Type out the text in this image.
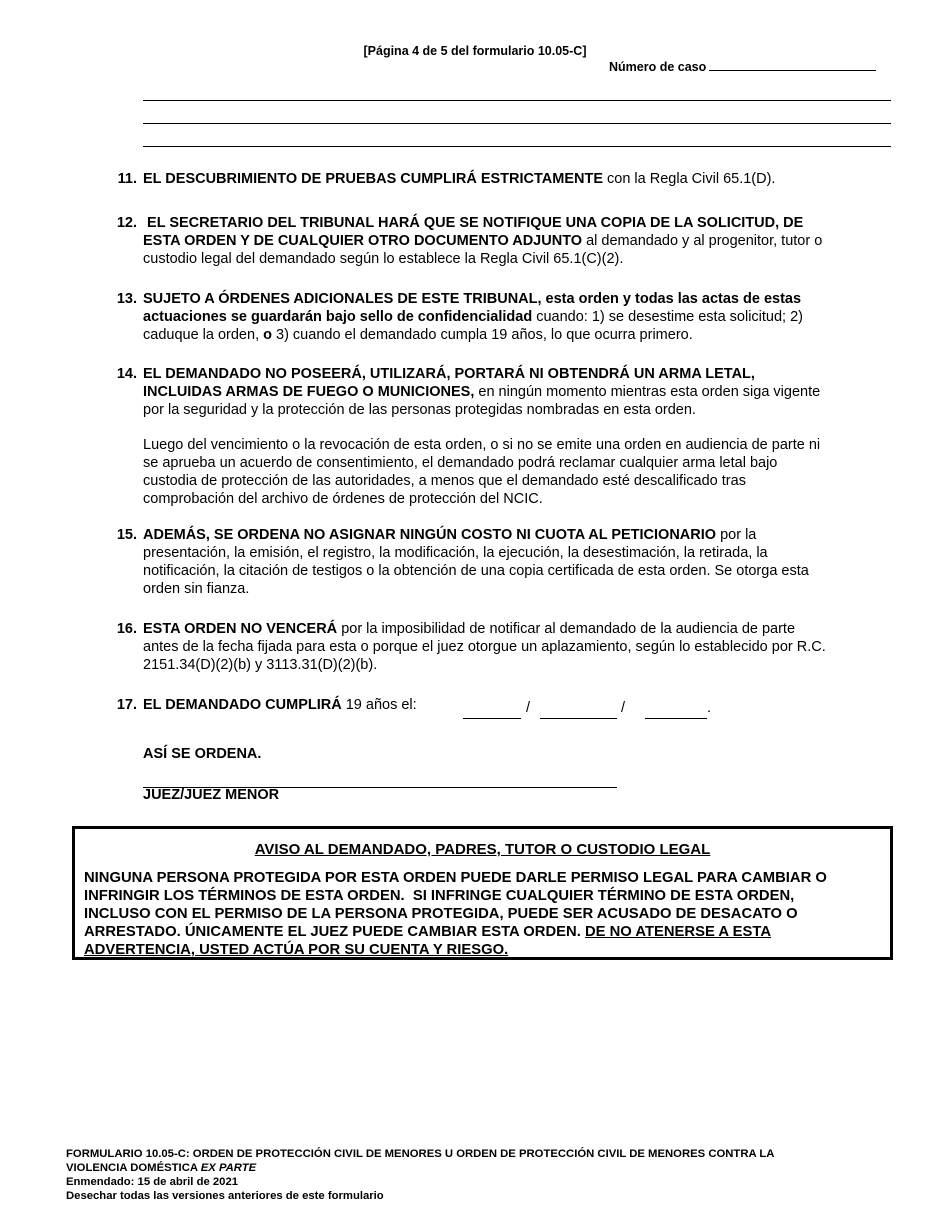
[Página 4 de 5 del formulario 10.05-C]
Número de caso
11. EL DESCUBRIMIENTO DE PRUEBAS CUMPLIRÁ ESTRICTAMENTE con la Regla Civil 65.1(D).
12. EL SECRETARIO DEL TRIBUNAL HARÁ QUE SE NOTIFIQUE UNA COPIA DE LA SOLICITUD, DE
ESTA ORDEN Y DE CUALQUIER OTRO DOCUMENTO ADJUNTO al demandado y al progenitor, tutor o
custodio legal del demandado según lo establece la Regla Civil 65.1(C)(2).
13. SUJETO A ÓRDENES ADICIONALES DE ESTE TRIBUNAL, esta orden y todas las actas de estas
actuaciones se guardarán bajo sello de confidencialidad cuando: 1) se desestime esta solicitud; 2)
caduque la orden, o 3) cuando el demandado cumpla 19 años, lo que ocurra primero.
14. EL DEMANDADO NO POSEERÁ, UTILIZARÁ, PORTARÁ NI OBTENDRÁ UN ARMA LETAL,
INCLUIDAS ARMAS DE FUEGO O MUNICIONES, en ningún momento mientras esta orden siga vigente
por la seguridad y la protección de las personas protegidas nombradas en esta orden.
Luego del vencimiento o la revocación de esta orden, o si no se emite una orden en audiencia de parte ni
se aprueba un acuerdo de consentimiento, el demandado podrá reclamar cualquier arma letal bajo
custodia de protección de las autoridades, a menos que el demandado esté descalificado tras
comprobación del archivo de órdenes de protección del NCIC.
15. ADEMÁS, SE ORDENA NO ASIGNAR NINGÚN COSTO NI CUOTA AL PETICIONARIO por la
presentación, la emisión, el registro, la modificación, la ejecución, la desestimación, la retirada, la
notificación, la citación de testigos o la obtención de una copia certificada de esta orden. Se otorga esta
orden sin fianza.
16. ESTA ORDEN NO VENCERÁ por la imposibilidad de notificar al demandado de la audiencia de parte
antes de la fecha fijada para esta o porque el juez otorgue un aplazamiento, según lo establecido por R.C.
2151.34(D)(2)(b) y 3113.31(D)(2)(b).
17. EL DEMANDADO CUMPLIRÁ 19 años el:	/	/	.
ASÍ SE ORDENA.
JUEZ/JUEZ MENOR
AVISO AL DEMANDADO, PADRES, TUTOR O CUSTODIO LEGAL
NINGUNA PERSONA PROTEGIDA POR ESTA ORDEN PUEDE DARLE PERMISO LEGAL PARA CAMBIAR O
INFRINGIR LOS TÉRMINOS DE ESTA ORDEN.  SI INFRINGE CUALQUIER TÉRMINO DE ESTA ORDEN,
INCLUSO CON EL PERMISO DE LA PERSONA PROTEGIDA, PUEDE SER ACUSADO DE DESACATO O
ARRESTADO. ÚNICAMENTE EL JUEZ PUEDE CAMBIAR ESTA ORDEN. DE NO ATENERSE A ESTA
ADVERTENCIA, USTED ACTÚA POR SU CUENTA Y RIESGO.
FORMULARIO 10.05-C: ORDEN DE PROTECCIÓN CIVIL DE MENORES U ORDEN DE PROTECCIÓN CIVIL DE MENORES CONTRA LA
VIOLENCIA DOMÉSTICA EX PARTE
Enmendado: 15 de abril de 2021
Desechar todas las versiones anteriores de este formulario
